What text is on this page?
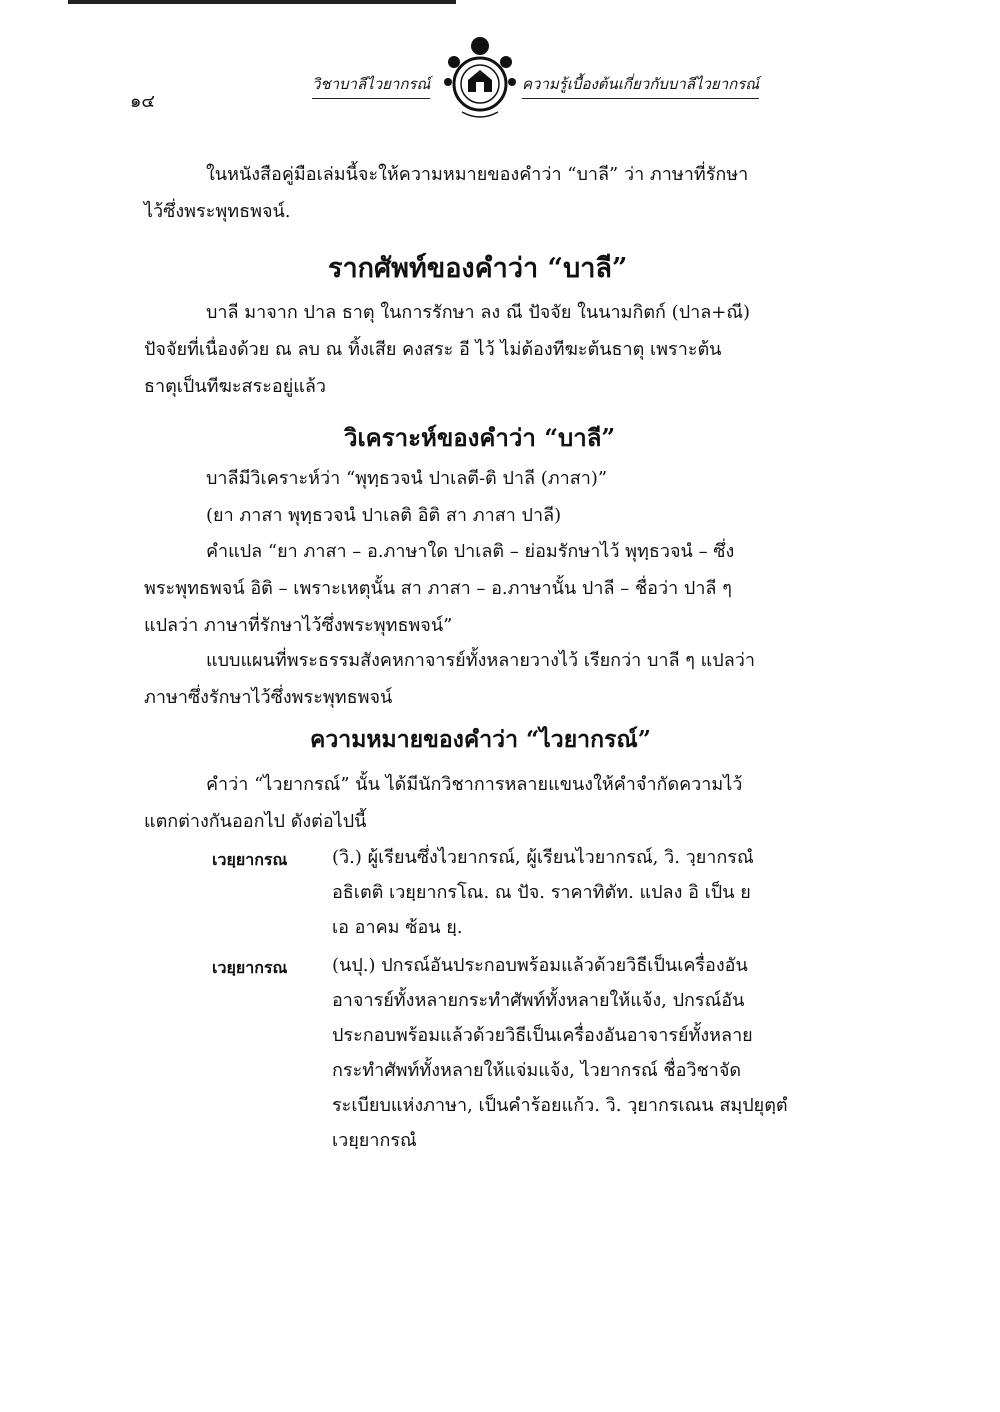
๑๔
วิชาบาลีไวยากรณ์	ความรู้เบื้องต้นเกี่ยวกับบาลีไวยากรณ์

ในหนังสือคู่มือเล่มนี้จะให้ความหมายของคำว่า “บาลี” ว่า ภาษาที่รักษา
ไว้ซึ่งพระพุทธพจน์.

รากศัพท์ของคำว่า “บาลี”

บาลี มาจาก ปาล ธาตุ ในการรักษา ลง ณี ปัจจัย ในนามกิตก์ (ปาล+ณี)
ปัจจัยที่เนื่องด้วย ณ ลบ ณ ทิ้งเสีย คงสระ อี ไว้ ไม่ต้องทีฆะต้นธาตุ เพราะต้น
ธาตุเป็นทีฆะสระอยู่แล้ว

วิเคราะห์ของคำว่า “บาลี”

บาลีมีวิเคราะห์ว่า “พุทฺธวจนํ ปาเลตี-ติ ปาลี (ภาสา)”

(ยา ภาสา พุทฺธวจนํ ปาเลติ อิติ สา ภาสา ปาลี)

คำแปล “ยา ภาสา – อ.ภาษาใด ปาเลติ – ย่อมรักษาไว้ พุทฺธวจนํ – ซึ่ง
พระพุทธพจน์ อิติ – เพราะเหตุนั้น สา ภาสา – อ.ภาษานั้น ปาลี – ชื่อว่า ปาลี ๆ
แปลว่า ภาษาที่รักษาไว้ซึ่งพระพุทธพจน์”

แบบแผนที่พระธรรมสังคหกาจารย์ทั้งหลายวางไว้ เรียกว่า บาลี ๆ แปลว่า
ภาษาซึ่งรักษาไว้ซึ่งพระพุทธพจน์

ความหมายของคำว่า “ไวยากรณ์”

คำว่า “ไวยากรณ์” นั้น ได้มีนักวิชาการหลายแขนงให้คำจำกัดความไว้
แตกต่างกันออกไป ดังต่อไปนี้

เวยฺยากรณ (วิ.) ผู้เรียนซึ่งไวยากรณ์, ผู้เรียนไวยากรณ์, วิ. วฺยากรณํ
อธิเตติ เวยฺยากรโณ. ณ ปัจ. ราคาทิตัท. แปลง อิ เป็น ย
เอ อาคม ซ้อน ยฺ.

เวยฺยากรณ (นปุ.) ปกรณ์อันประกอบพร้อมแล้วด้วยวิธีเป็นเครื่องอัน
อาจารย์ทั้งหลายกระทำศัพท์ทั้งหลายให้แจ้ง, ปกรณ์อัน
ประกอบพร้อมแล้วด้วยวิธีเป็นเครื่องอันอาจารย์ทั้งหลาย
กระทำศัพท์ทั้งหลายให้แจ่มแจ้ง, ไวยากรณ์ ชื่อวิชาจัด
ระเบียบแห่งภาษา, เป็นคำร้อยแก้ว. วิ. วฺยากรเณน สมฺปยุตฺตํ
เวยฺยากรณํ
